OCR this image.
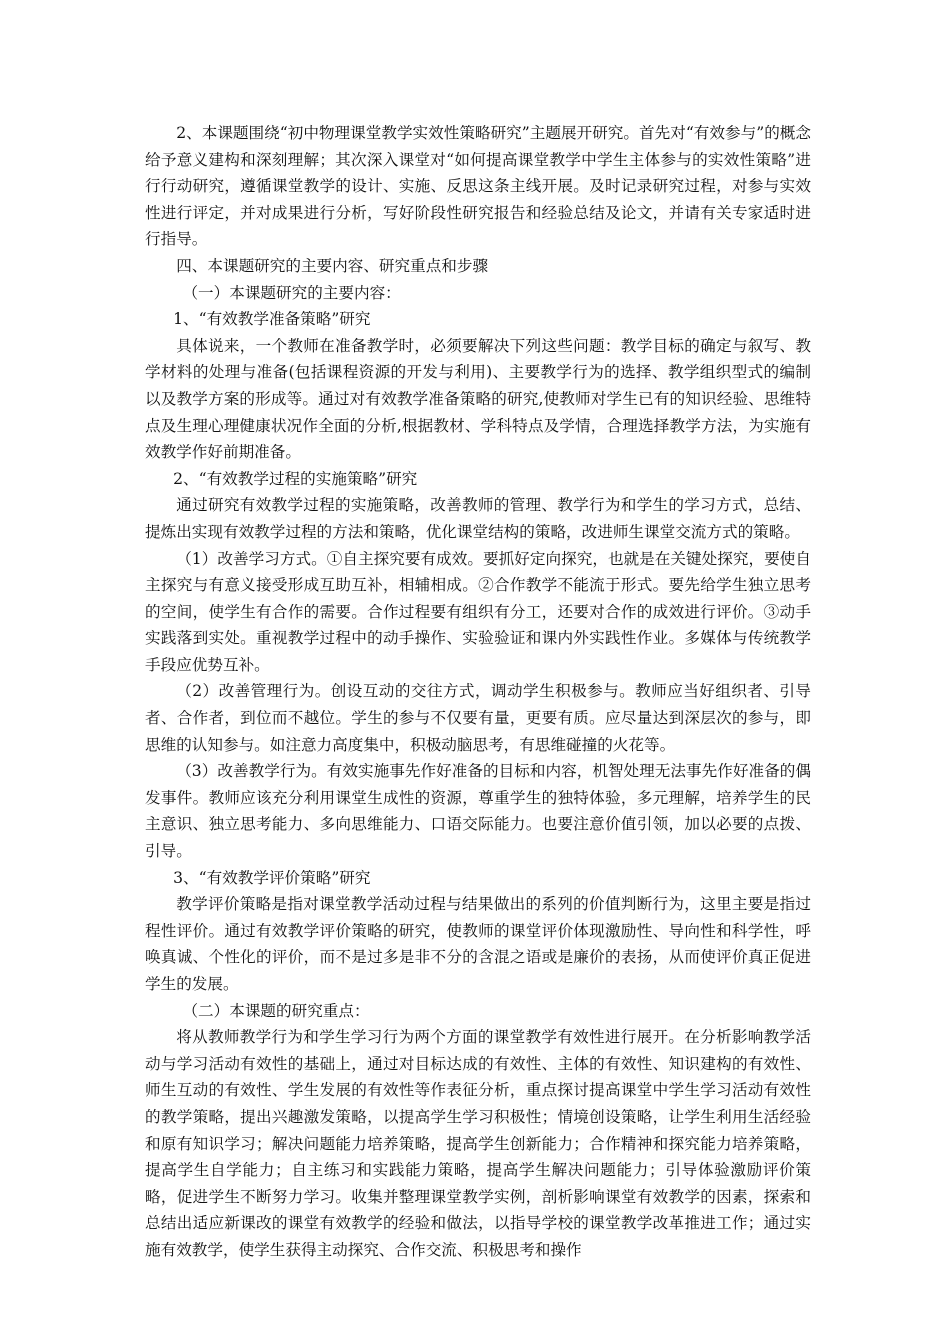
2、本课题围绕“初中物理课堂教学实效性策略研究”主题展开研究。首先对“有效参与”的概念给予意义建构和深刻理解；其次深入课堂对“如何提高课堂教学中学生主体参与的实效性策略”进行行动研究，遵循课堂教学的设计、实施、反思这条主线开展。及时记录研究过程，对参与实效性进行评定，并对成果进行分析，写好阶段性研究报告和经验总结及论文，并请有关专家适时进行指导。

四、本课题研究的主要内容、研究重点和步骤

（一）本课题研究的主要内容：

1、“有效教学准备策略”研究

具体说来，一个教师在准备教学时，必须要解决下列这些问题：教学目标的确定与叙写、教学材料的处理与准备(包括课程资源的开发与利用)、主要教学行为的选择、教学组织型式的编制以及教学方案的形成等。通过对有效教学准备策略的研究,使教师对学生已有的知识经验、思维特点及生理心理健康状况作全面的分析,根据教材、学科特点及学情，合理选择教学方法，为实施有效教学作好前期准备。

2、“有效教学过程的实施策略”研究

通过研究有效教学过程的实施策略，改善教师的管理、教学行为和学生的学习方式，总结、提炼出实现有效教学过程的方法和策略，优化课堂结构的策略，改进师生课堂交流方式的策略。

（1）改善学习方式。①自主探究要有成效。要抓好定向探究，也就是在关键处探究，要使自主探究与有意义接受形成互助互补，相辅相成。②合作教学不能流于形式。要先给学生独立思考的空间，使学生有合作的需要。合作过程要有组织有分工，还要对合作的成效进行评价。③动手实践落到实处。重视教学过程中的动手操作、实验验证和课内外实践性作业。多媒体与传统教学手段应优势互补。

（2）改善管理行为。创设互动的交往方式，调动学生积极参与。教师应当好组织者、引导者、合作者，到位而不越位。学生的参与不仅要有量，更要有质。应尽量达到深层次的参与，即思维的认知参与。如注意力高度集中，积极动脑思考，有思维碰撞的火花等。

（3）改善教学行为。有效实施事先作好准备的目标和内容，机智处理无法事先作好准备的偶发事件。教师应该充分利用课堂生成性的资源，尊重学生的独特体验，多元理解，培养学生的民主意识、独立思考能力、多向思维能力、口语交际能力。也要注意价值引领，加以必要的点拨、引导。

3、“有效教学评价策略”研究

教学评价策略是指对课堂教学活动过程与结果做出的系列的价值判断行为，这里主要是指过程性评价。通过有效教学评价策略的研究，使教师的课堂评价体现激励性、导向性和科学性，呼唤真诚、个性化的评价，而不是过多是非不分的含混之语或是廉价的表扬，从而使评价真正促进学生的发展。

（二）本课题的研究重点：

将从教师教学行为和学生学习行为两个方面的课堂教学有效性进行展开。在分析影响教学活动与学习活动有效性的基础上，通过对目标达成的有效性、主体的有效性、知识建构的有效性、师生互动的有效性、学生发展的有效性等作表征分析，重点探讨提高课堂中学生学习活动有效性的教学策略，提出兴趣激发策略，以提高学生学习积极性；情境创设策略，让学生利用生活经验和原有知识学习；解决问题能力培养策略，提高学生创新能力；合作精神和探究能力培养策略，提高学生自学能力；自主练习和实践能力策略，提高学生解决问题能力；引导体验激励评价策略，促进学生不断努力学习。收集并整理课堂教学实例，剖析影响课堂有效教学的因素，探索和总结出适应新课改的课堂有效教学的经验和做法，以指导学校的课堂教学改革推进工作；通过实施有效教学，使学生获得主动探究、合作交流、积极思考和操作
